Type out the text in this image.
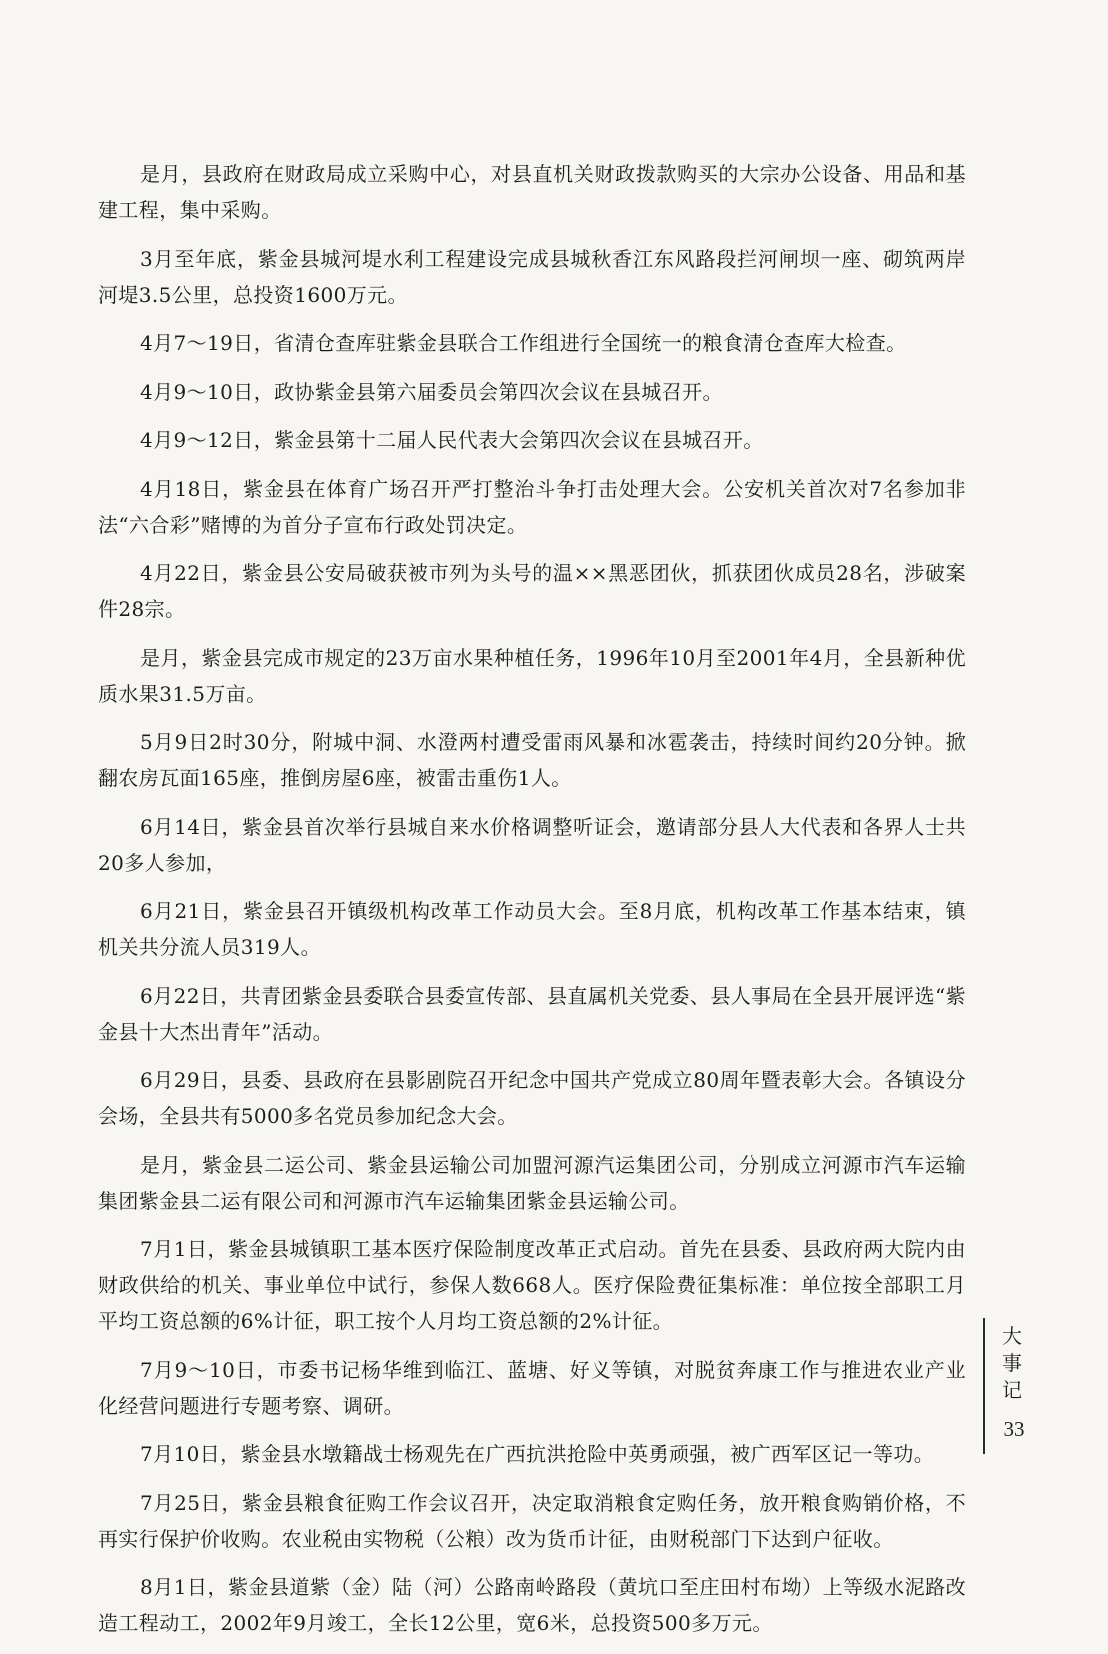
是月，县政府在财政局成立采购中心，对县直机关财政拨款购买的大宗办公设备、用品和基建工程，集中采购。

3月至年底，紫金县城河堤水利工程建设完成县城秋香江东风路段拦河闸坝一座、砌筑两岸河堤3.5公里，总投资1600万元。

4月7～19日，省清仓查库驻紫金县联合工作组进行全国统一的粮食清仓查库大检查。

4月9～10日，政协紫金县第六届委员会第四次会议在县城召开。

4月9～12日，紫金县第十二届人民代表大会第四次会议在县城召开。

4月18日，紫金县在体育广场召开严打整治斗争打击处理大会。公安机关首次对7名参加非法“六合彩”赌博的为首分子宣布行政处罚决定。

4月22日，紫金县公安局破获被市列为头号的温××黑恶团伙，抓获团伙成员28名，涉破案件28宗。

是月，紫金县完成市规定的23万亩水果种植任务，1996年10月至2001年4月，全县新种优质水果31.5万亩。

5月9日2时30分，附城中洞、水澄两村遭受雷雨风暴和冰雹袭击，持续时间约20分钟。掀翻农房瓦面165座，推倒房屋6座，被雷击重伤1人。

6月14日，紫金县首次举行县城自来水价格调整听证会，邀请部分县人大代表和各界人士共20多人参加，

6月21日，紫金县召开镇级机构改革工作动员大会。至8月底，机构改革工作基本结束，镇机关共分流人员319人。

6月22日，共青团紫金县委联合县委宣传部、县直属机关党委、县人事局在全县开展评选“紫金县十大杰出青年”活动。

6月29日，县委、县政府在县影剧院召开纪念中国共产党成立80周年暨表彰大会。各镇设分会场，全县共有5000多名党员参加纪念大会。

是月，紫金县二运公司、紫金县运输公司加盟河源汽运集团公司，分别成立河源市汽车运输集团紫金县二运有限公司和河源市汽车运输集团紫金县运输公司。

7月1日，紫金县城镇职工基本医疗保险制度改革正式启动。首先在县委、县政府两大院内由财政供给的机关、事业单位中试行，参保人数668人。医疗保险费征集标准：单位按全部职工月平均工资总额的6%计征，职工按个人月均工资总额的2%计征。

7月9～10日，市委书记杨华维到临江、蓝塘、好义等镇，对脱贫奔康工作与推进农业产业化经营问题进行专题考察、调研。

7月10日，紫金县水墩籍战士杨观先在广西抗洪抢险中英勇顽强，被广西军区记一等功。

7月25日，紫金县粮食征购工作会议召开，决定取消粮食定购任务，放开粮食购销价格，不再实行保护价收购。农业税由实物税（公粮）改为货币计征，由财税部门下达到户征收。

8月1日，紫金县道紫（金）陆（河）公路南岭路段（黄坑口至庄田村布坳）上等级水泥路改造工程动工，2002年9月竣工，全长12公里，宽6米，总投资500多万元。

大
事
记
33
